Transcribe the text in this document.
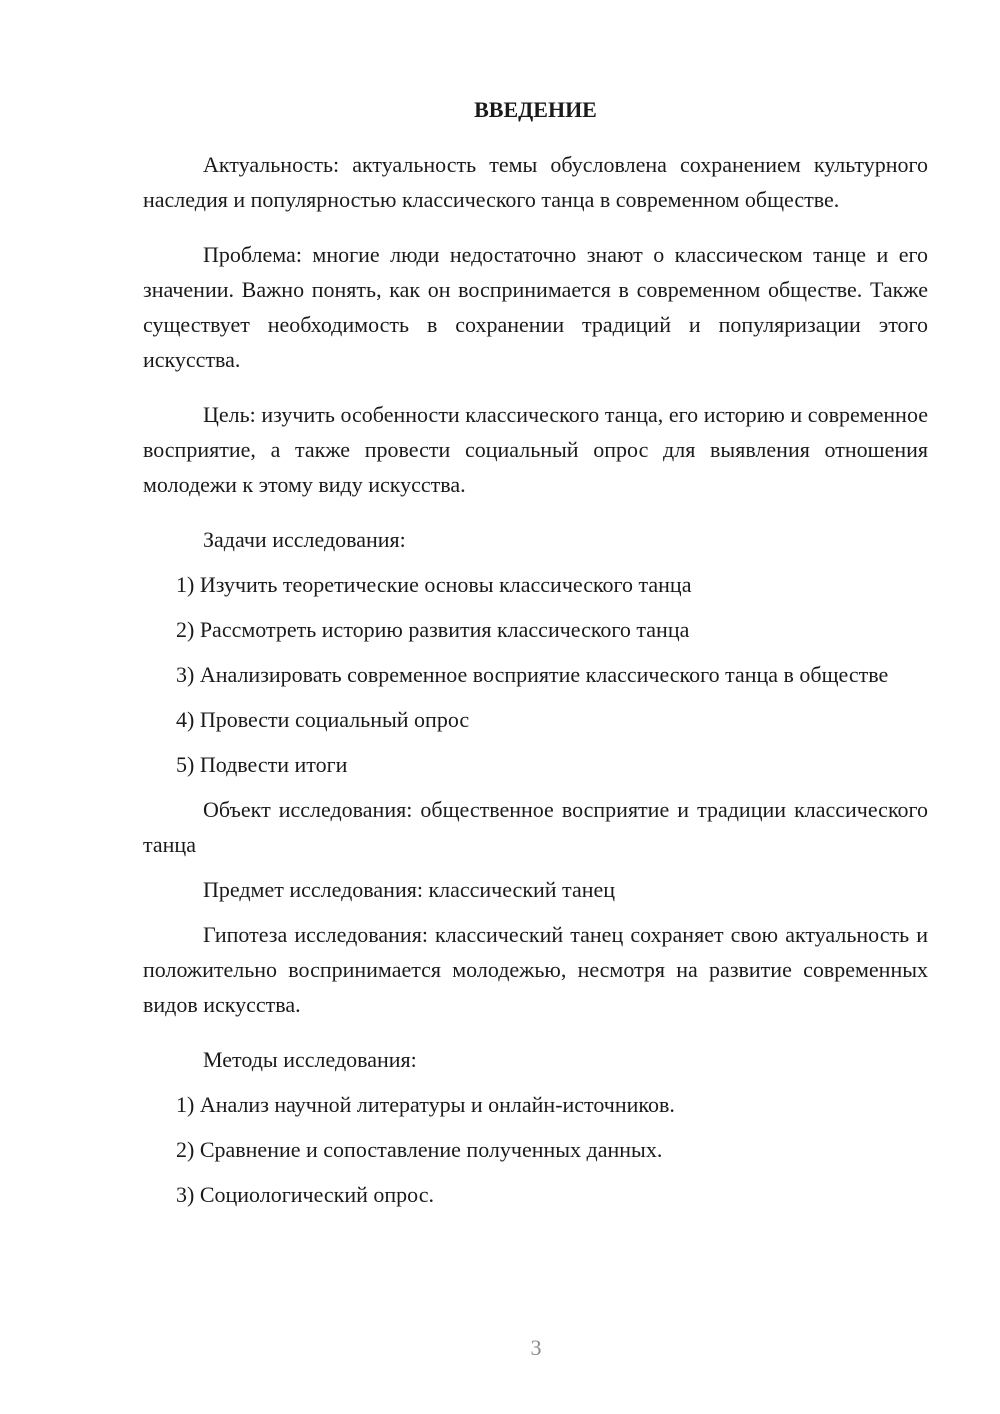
ВВЕДЕНИЕ

Актуальность: актуальность темы обусловлена сохранением культурного наследия и популярностью классического танца в современном обществе.

Проблема: многие люди недостаточно знают о классическом танце и его значении. Важно понять, как он воспринимается в современном обществе. Также существует необходимость в сохранении традиций и популяризации этого искусства.

Цель: изучить особенности классического танца, его историю и современное восприятие, а также провести социальный опрос для выявления отношения молодежи к этому виду искусства.

Задачи исследования:

1) Изучить теоретические основы классического танца

2) Рассмотреть историю развития классического танца

3) Анализировать современное восприятие классического танца в обществе

4) Провести социальный опрос

5) Подвести итоги

Объект исследования: общественное восприятие и традиции классического танца

Предмет исследования: классический танец

Гипотеза исследования: классический танец сохраняет свою актуальность и положительно воспринимается молодежью, несмотря на развитие современных видов искусства.

Методы исследования:

1) Анализ научной литературы и онлайн-источников.

2) Сравнение и сопоставление полученных данных.

3) Социологический опрос.

3
